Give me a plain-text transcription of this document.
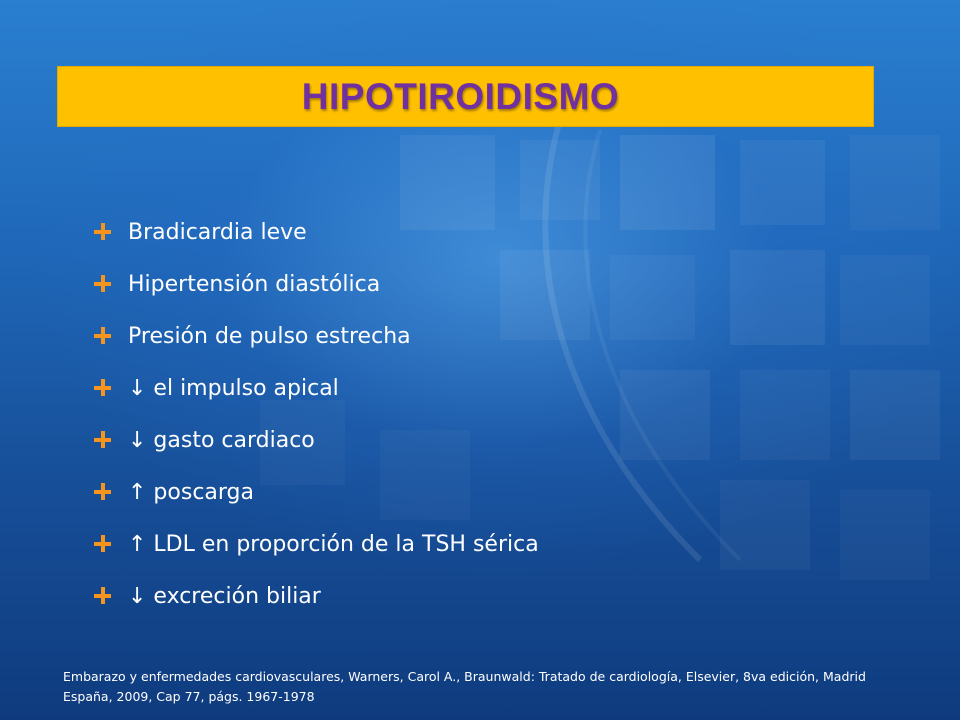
HIPOTIROIDISMO
Bradicardia leve
Hipertensión diastólica
Presión de pulso estrecha
↓ el impulso apical
↓ gasto cardiaco
↑ poscarga
↑ LDL en proporción de la TSH sérica
↓ excreción biliar
Embarazo y enfermedades cardiovasculares, Warners, Carol A., Braunwald: Tratado de cardiología, Elsevier, 8va edición, Madrid
España, 2009, Cap 77, págs. 1967-1978
